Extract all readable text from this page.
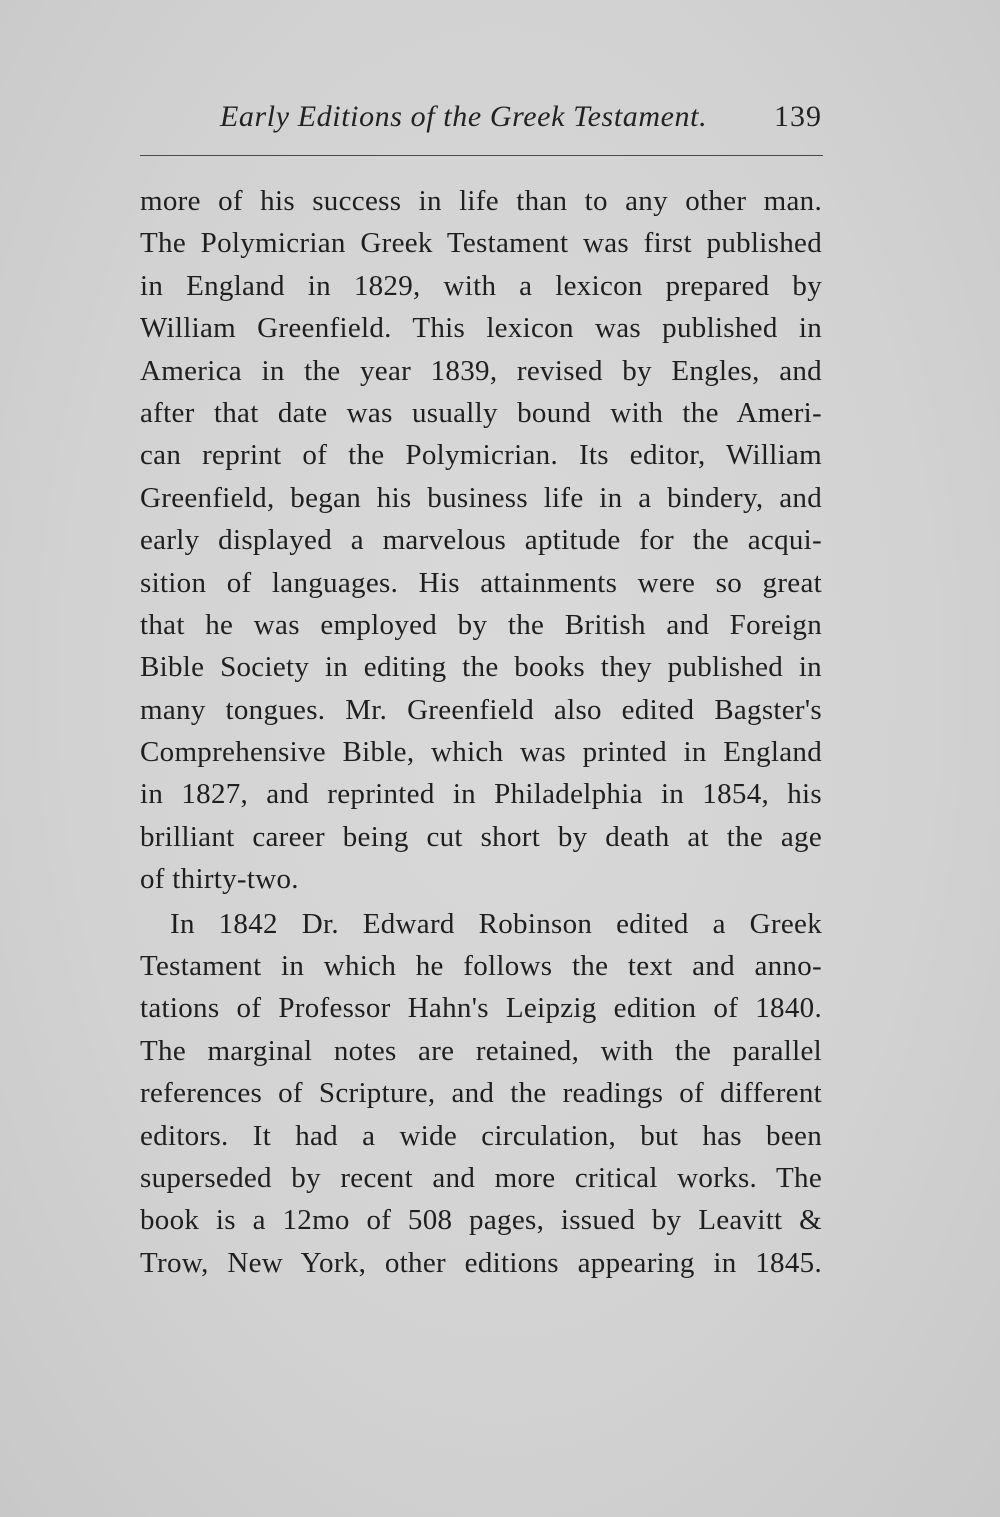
Early Editions of the Greek Testament. 139
more of his success in life than to any other man.
The Polymicrian Greek Testament was first published
in England in 1829, with a lexicon prepared by
William Greenfield. This lexicon was published in
America in the year 1839, revised by Engles, and
after that date was usually bound with the Ameri-
can reprint of the Polymicrian. Its editor, William
Greenfield, began his business life in a bindery, and
early displayed a marvelous aptitude for the acqui-
sition of languages. His attainments were so great
that he was employed by the British and Foreign
Bible Society in editing the books they published in
many tongues. Mr. Greenfield also edited Bagster's
Comprehensive Bible, which was printed in England
in 1827, and reprinted in Philadelphia in 1854, his
brilliant career being cut short by death at the age
of thirty-two.
In 1842 Dr. Edward Robinson edited a Greek
Testament in which he follows the text and anno-
tations of Professor Hahn's Leipzig edition of 1840.
The marginal notes are retained, with the parallel
references of Scripture, and the readings of different
editors. It had a wide circulation, but has been
superseded by recent and more critical works. The
book is a 12mo of 508 pages, issued by Leavitt &
Trow, New York, other editions appearing in 1845.
